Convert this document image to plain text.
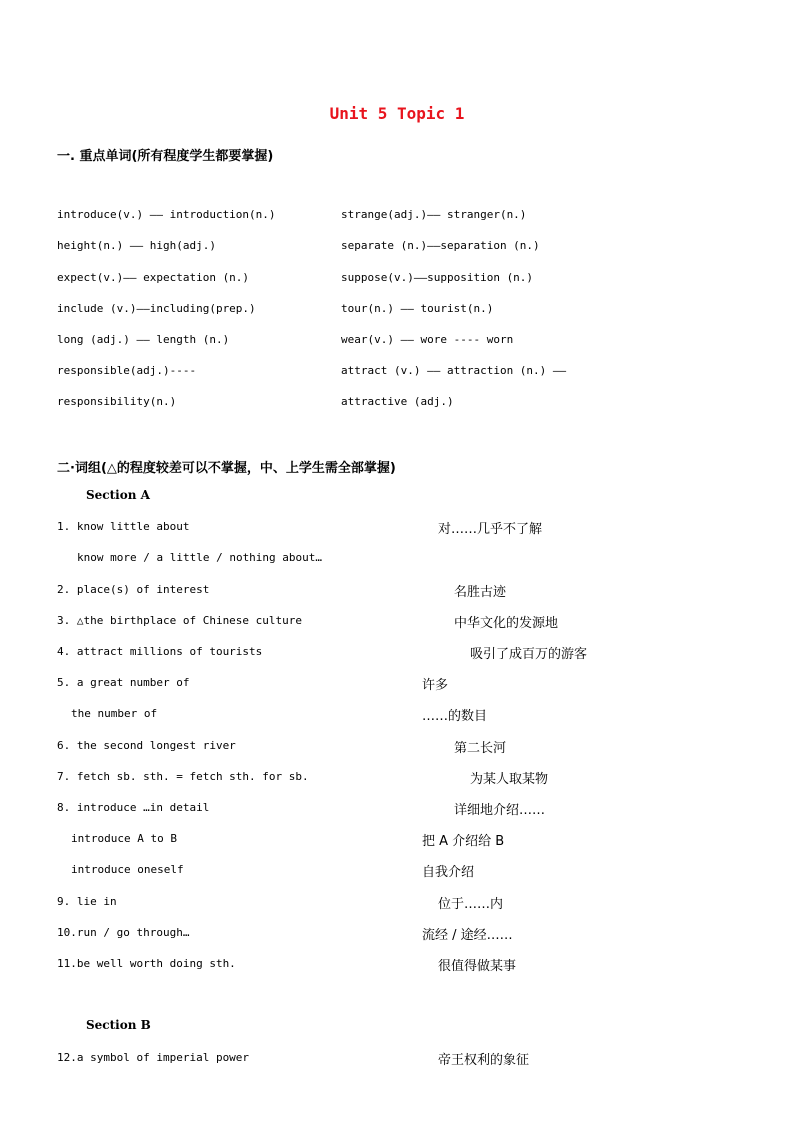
Unit 5 Topic 1
一. 重点单词(所有程度学生都要掌握)
introduce(v.) —— introduction(n.)	strange(adj.)—— stranger(n.)
height(n.) —— high(adj.)	separate (n.)——separation (n.)
expect(v.)—— expectation (n.)	suppose(v.)——supposition (n.)
include (v.)——including(prep.)	tour(n.) —— tourist(n.)
long (adj.) —— length (n.)	wear(v.) —— wore ---- worn
responsible(adj.)----	attract (v.) —— attraction (n.) ——
responsibility(n.)	attractive (adj.)
二·词组(△的程度较差可以不掌握，中、上学生需全部掌握)
Section A
1. know little about	对……几乎不了解
know more / a little / nothing about…
2. place(s) of interest	名胜古迹
3. △the birthplace of Chinese culture	中华文化的发源地
4. attract millions of tourists	吸引了成百万的游客
5. a great number of	许多
the number of	……的数目
6. the second longest river	第二长河
7. fetch sb. sth. = fetch sth. for sb.	为某人取某物
8. introduce …in detail	详细地介绍……
introduce A to B	把 A 介绍给 B
introduce oneself	自我介绍
9. lie in	位于……内
10.run / go through…	流经 / 途经……
11.be well worth doing sth.	很值得做某事
Section B
12.a symbol of imperial power	帝王权利的象征
